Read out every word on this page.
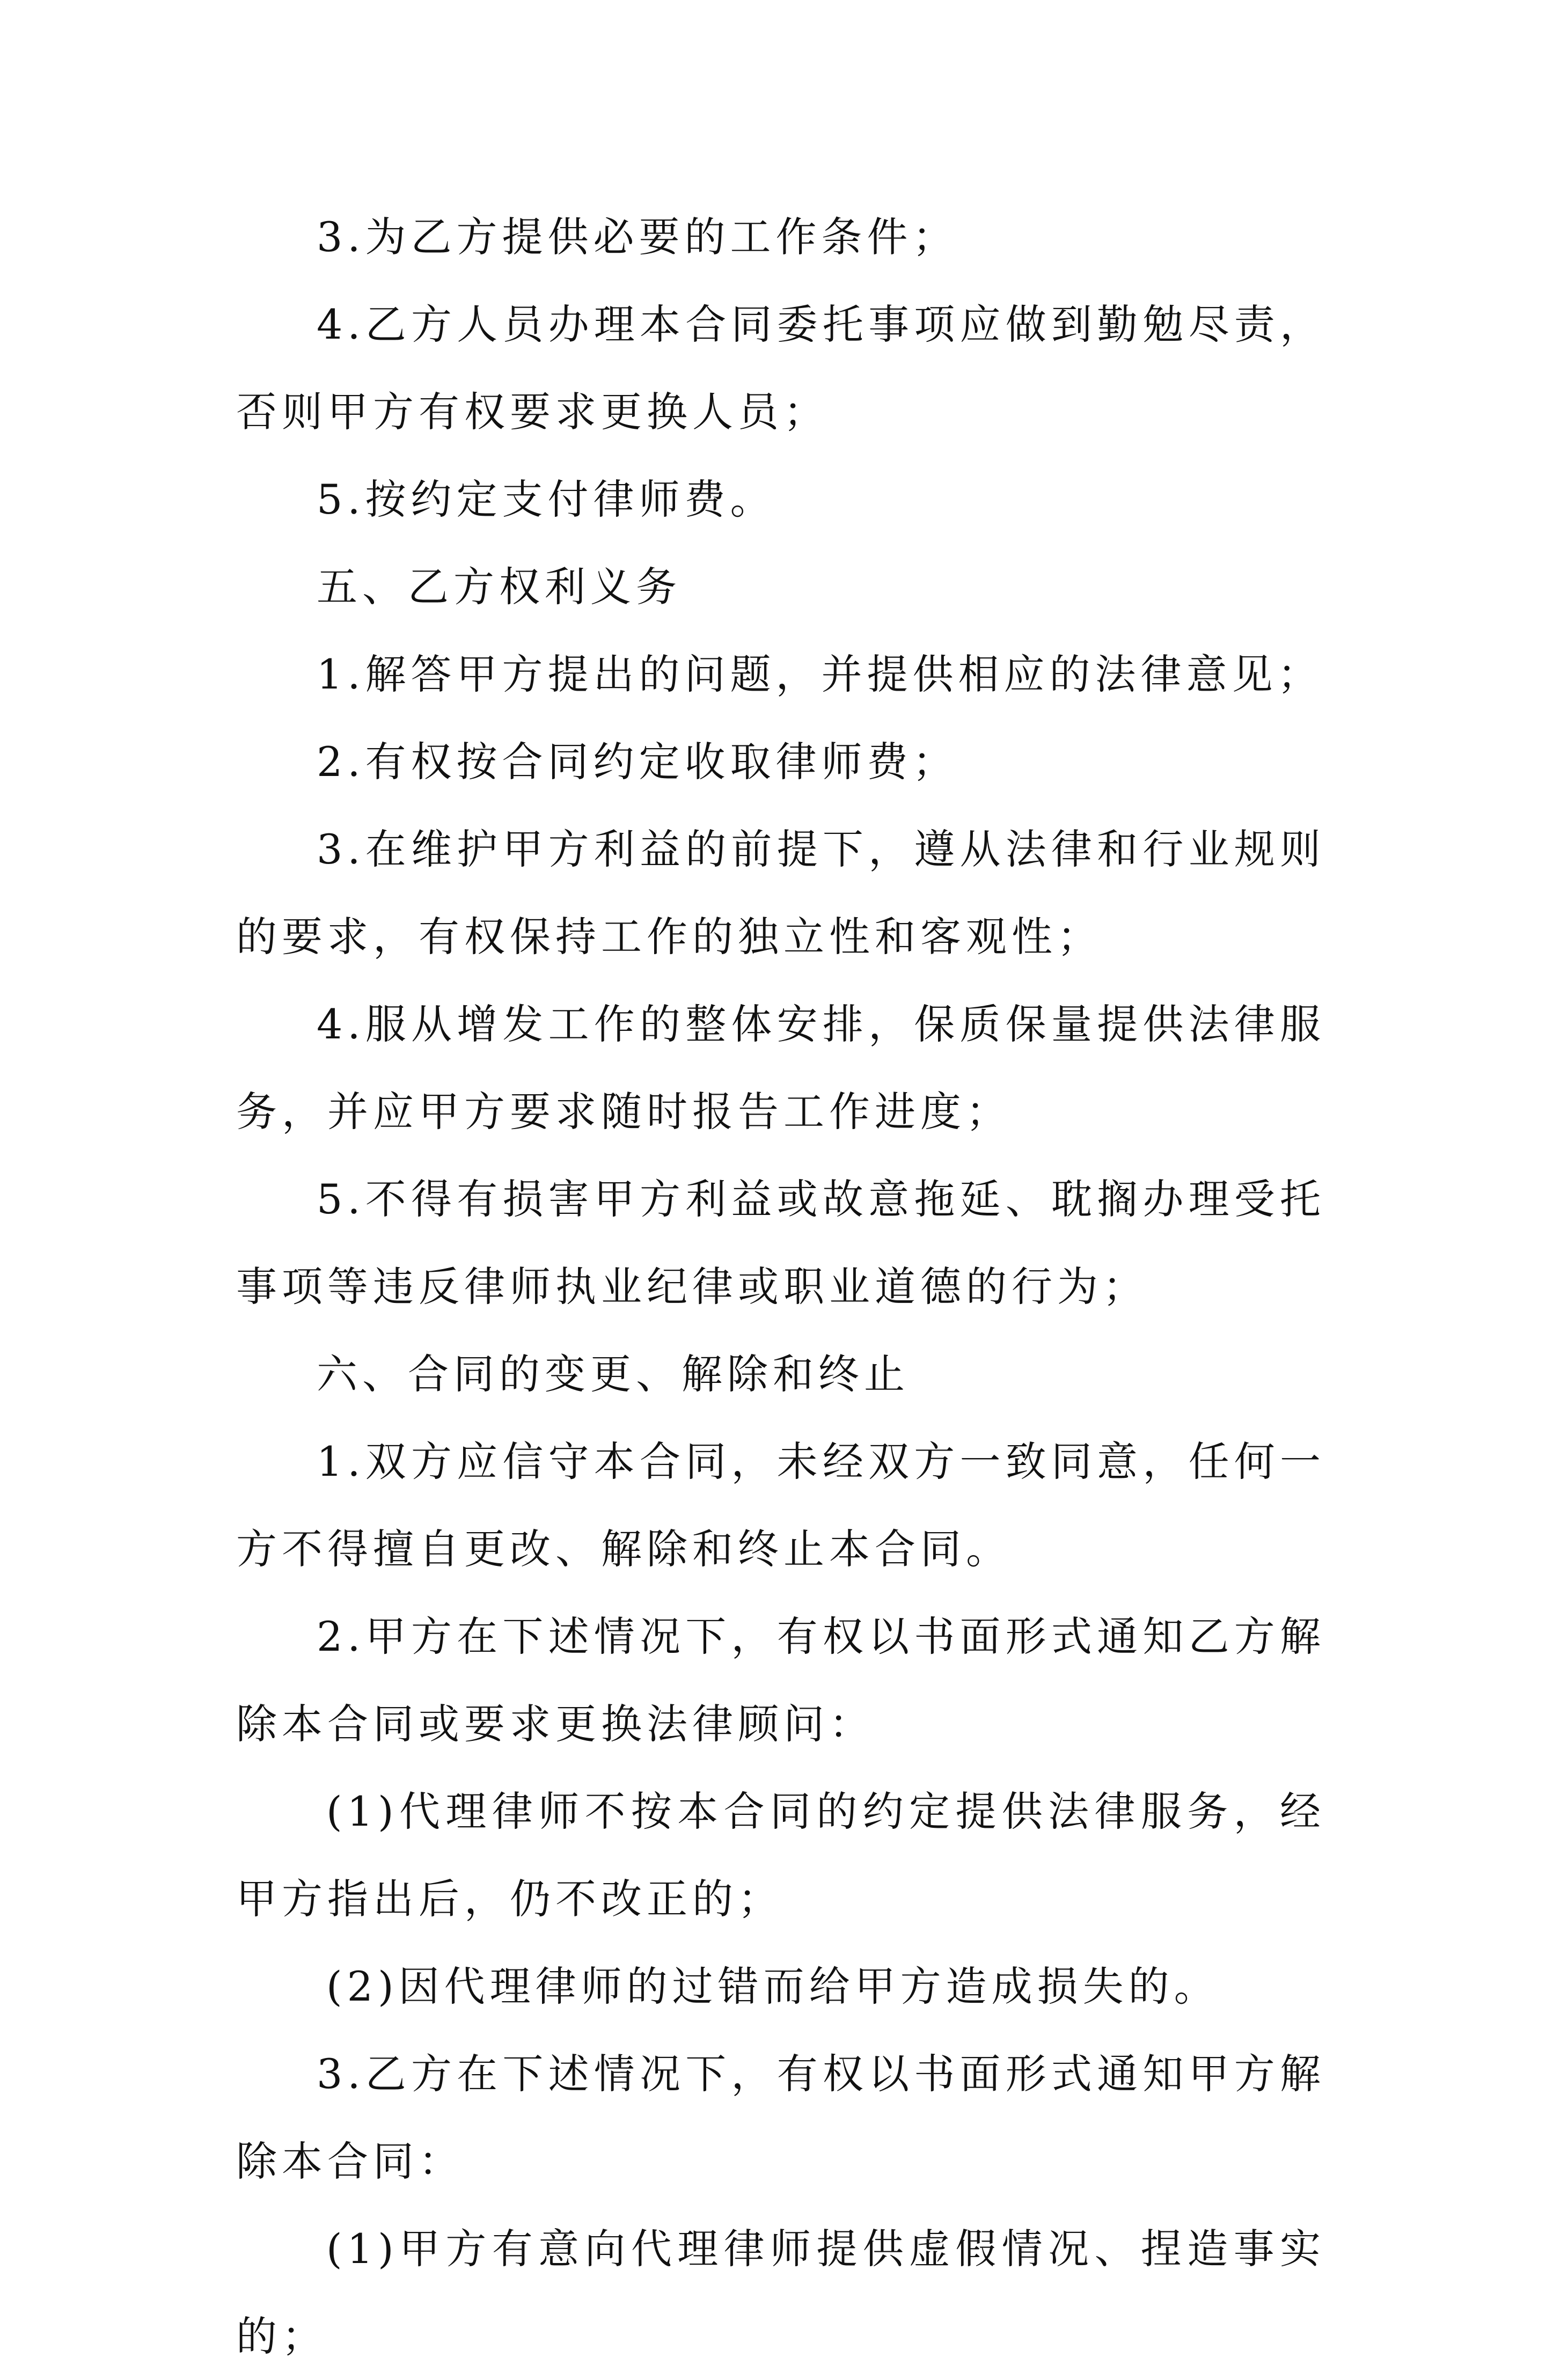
3.为乙方提供必要的工作条件；

4.乙方人员办理本合同委托事项应做到勤勉尽责，否则甲方有权要求更换人员；

5.按约定支付律师费。

五、乙方权利义务

1.解答甲方提出的问题，并提供相应的法律意见；

2.有权按合同约定收取律师费；

3.在维护甲方利益的前提下，遵从法律和行业规则的要求，有权保持工作的独立性和客观性；

4.服从增发工作的整体安排，保质保量提供法律服务，并应甲方要求随时报告工作进度；

5.不得有损害甲方利益或故意拖延、耽搁办理受托事项等违反律师执业纪律或职业道德的行为；

六、合同的变更、解除和终止

1.双方应信守本合同，未经双方一致同意，任何一方不得擅自更改、解除和终止本合同。

2.甲方在下述情况下，有权以书面形式通知乙方解除本合同或要求更换法律顾问：

(1)代理律师不按本合同的约定提供法律服务，经甲方指出后，仍不改正的；

(2)因代理律师的过错而给甲方造成损失的。

3.乙方在下述情况下，有权以书面形式通知甲方解除本合同：

(1)甲方有意向代理律师提供虚假情况、捏造事实的；
